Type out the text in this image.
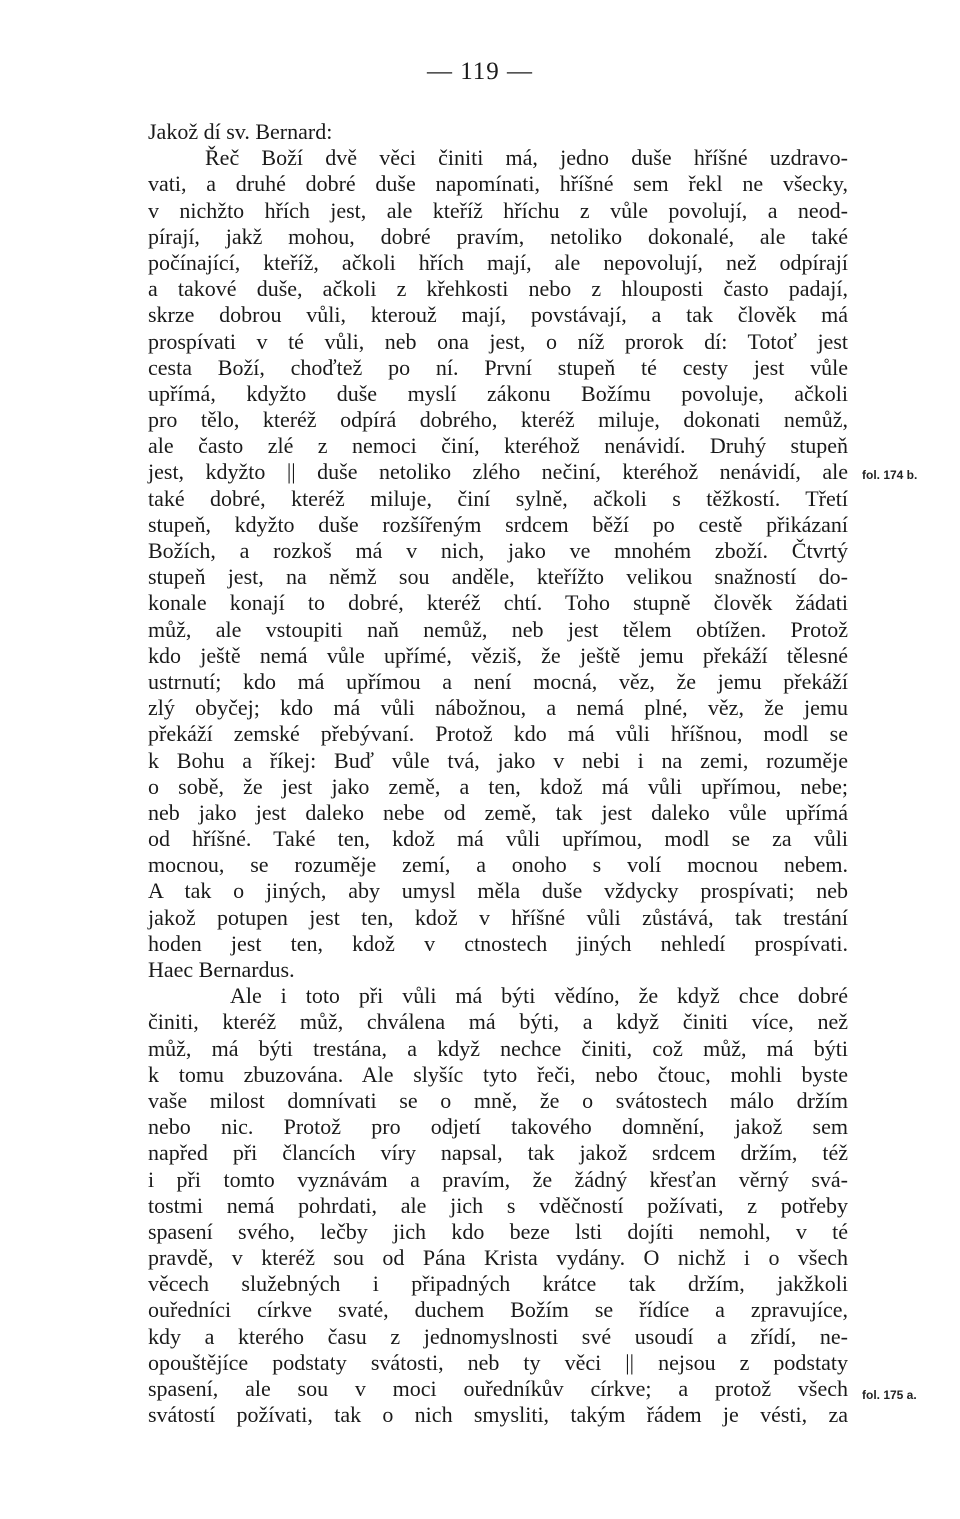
— 119 —
Jakož dí sv. Bernard:
Řeč Boží dvě věci činiti má, jedno duše hříšné uzdravo-
vati, a druhé dobré duše napomínati, hříšné sem řekl ne všecky,
v nichžto hřích jest, ale kteříž hříchu z vůle povolují, a neod-
pírají, jakž mohou, dobré pravím, netoliko dokonalé, ale také
počínající, kteříž, ačkoli hřích mají, ale nepovolují, než odpírají
a takové duše, ačkoli z křehkosti nebo z hlouposti často padají,
skrze dobrou vůli, kterouž mají, povstávají, a tak člověk má
prospívati v té vůli, neb ona jest, o níž prorok dí: Totoť jest
cesta Boží, choďtež po ní. První stupeň té cesty jest vůle
upřímá, kdyžto duše myslí zákonu Božímu povoluje, ačkoli
pro tělo, kteréž odpírá dobrého, kteréž miluje, dokonati nemůž,
ale často zlé z nemoci činí, kteréhož nenávidí. Druhý stupeň
jest, kdyžto || duše netoliko zlého nečiní, kteréhož nenávidí, ale
také dobré, kteréž miluje, činí sylně, ačkoli s těžkostí. Třetí
stupeň, kdyžto duše rozšířeným srdcem běží po cestě přikázaní
Božích, a rozkoš má v nich, jako ve mnohém zboží. Čtvrtý
stupeň jest, na němž sou anděle, kteřížto velikou snažností do-
konale konají to dobré, kteréž chtí. Toho stupně člověk žádati
můž, ale vstoupiti naň nemůž, neb jest tělem obtížen. Protož
kdo ještě nemá vůle upřímé, věziš, že ještě jemu překáží tělesné
ustrnutí; kdo má upřímou a není mocná, věz, že jemu překáží
zlý obyčej; kdo má vůli nábožnou, a nemá plné, věz, že jemu
překáží zemské přebývaní. Protož kdo má vůli hříšnou, modl se
k Bohu a říkej: Buď vůle tvá, jako v nebi i na zemi, rozuměje
o sobě, že jest jako země, a ten, kdož má vůli upřímou, nebe;
neb jako jest daleko nebe od země, tak jest daleko vůle upřímá
od hříšné. Také ten, kdož má vůli upřímou, modl se za vůli
mocnou, se rozuměje zemí, a onoho s volí mocnou nebem.
A tak o jiných, aby umysl měla duše vždycky prospívati; neb
jakož potupen jest ten, kdož v hříšné vůli zůstává, tak trestání
hoden jest ten, kdož v ctnostech jiných nehledí prospívati.
Haec Bernardus.
Ale i toto při vůli má býti vědíno, že když chce dobré
činiti, kteréž můž, chválena má býti, a když činiti více, než
můž, má býti trestána, a když nechce činiti, což můž, má býti
k tomu zbuzována. Ale slyšíc tyto řeči, nebo čtouc, mohli byste
vaše milost domnívati se o mně, že o svátostech málo držím
nebo nic. Protož pro odjetí takového domnění, jakož sem
napřed při člancích víry napsal, tak jakož srdcem držím, též
i při tomto vyznávám a pravím, že žádný křesťan věrný svá-
tostmi nemá pohrdati, ale jich s vděčností požívati, z potřeby
spasení svého, lečby jich kdo beze lsti dojíti nemohl, v té
pravdě, v kteréž sou od Pána Krista vydány. O nichž i o všech
věcech služebných i připadných krátce tak držím, jakžkoli
ouředníci církve svaté, duchem Božím se řídíce a zpravujíce,
kdy a kterého času z jednomyslnosti své usoudí a zřídí, ne-
opouštějíce podstaty svátosti, neb ty věci || nejsou z podstaty
spasení, ale sou v moci ouředníkův církve; a protož všech
svátostí požívati, tak o nich smysliti, takým řádem je vésti, za
fol. 174 b.
fol. 175 a.
